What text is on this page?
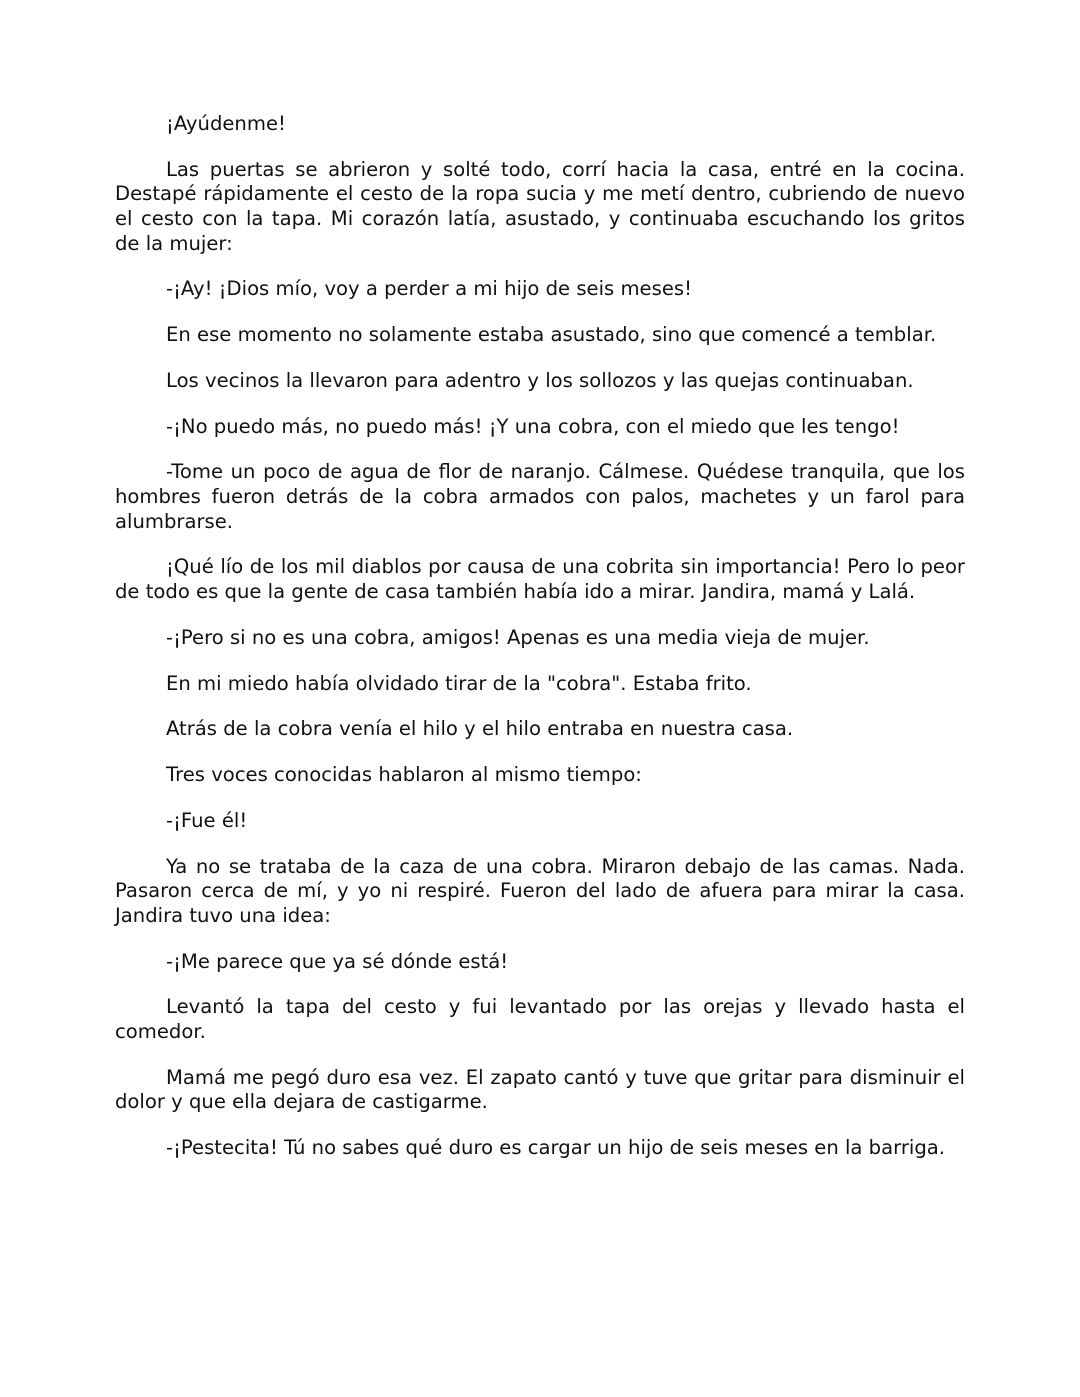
¡Ayúdenme!

Las puertas se abrieron y solté todo, corrí hacia la casa, entré en la cocina. Destapé rápidamente el cesto de la ropa sucia y me metí dentro, cubriendo de nuevo el cesto con la tapa. Mi corazón latía, asustado, y continuaba escuchando los gritos de la mujer:

-¡Ay! ¡Dios mío, voy a perder a mi hijo de seis meses!

En ese momento no solamente estaba asustado, sino que comencé a temblar.

Los vecinos la llevaron para adentro y los sollozos y las quejas continuaban.

-¡No puedo más, no puedo más! ¡Y una cobra, con el miedo que les tengo!

-Tome un poco de agua de flor de naranjo. Cálmese. Quédese tranquila, que los hombres fueron detrás de la cobra armados con palos, machetes y un farol para alumbrarse.

¡Qué lío de los mil diablos por causa de una cobrita sin importancia! Pero lo peor de todo es que la gente de casa también había ido a mirar. Jandira, mamá y Lalá.

-¡Pero si no es una cobra, amigos! Apenas es una media vieja de mujer.

En mi miedo había olvidado tirar de la "cobra". Estaba frito.

Atrás de la cobra venía el hilo y el hilo entraba en nuestra casa.

Tres voces conocidas hablaron al mismo tiempo:

-¡Fue él!

Ya no se trataba de la caza de una cobra. Miraron debajo de las camas. Nada. Pasaron cerca de mí, y yo ni respiré. Fueron del lado de afuera para mirar la casa. Jandira tuvo una idea:

-¡Me parece que ya sé dónde está!

Levantó la tapa del cesto y fui levantado por las orejas y llevado hasta el comedor.

Mamá me pegó duro esa vez. El zapato cantó y tuve que gritar para disminuir el dolor y que ella dejara de castigarme.

-¡Pestecita! Tú no sabes qué duro es cargar un hijo de seis meses en la barriga.
